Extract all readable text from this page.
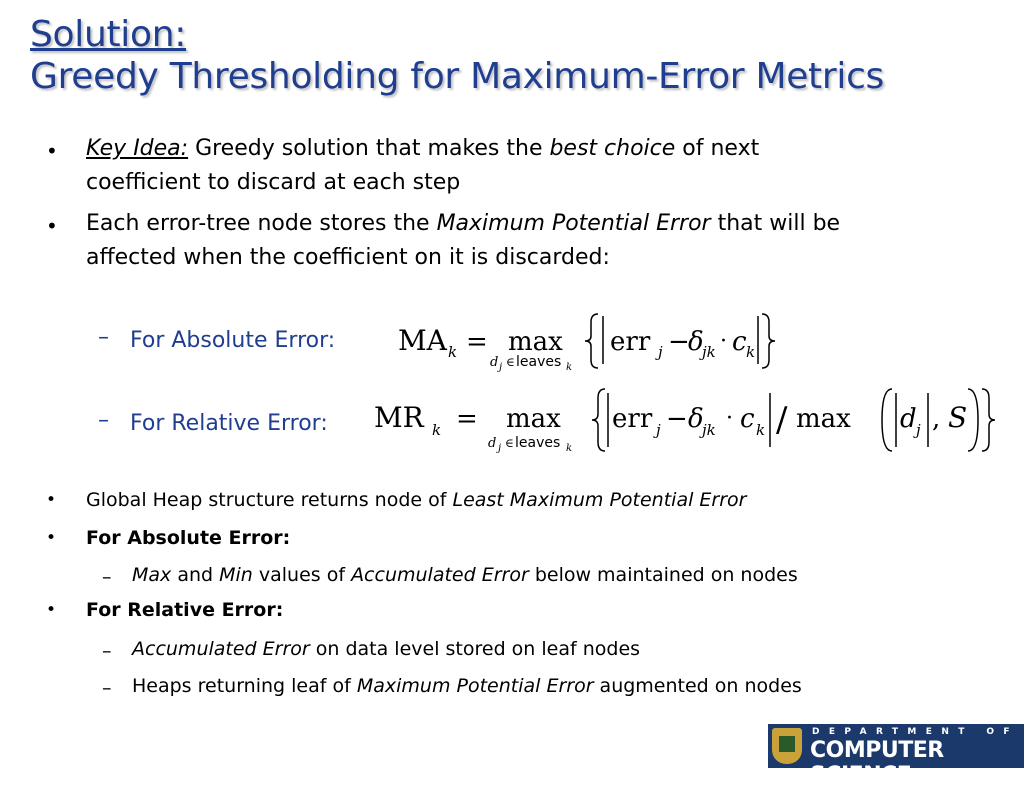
Solution:
Greedy Thresholding for Maximum-Error Metrics
• Key Idea: Greedy solution that makes the best choice of next
coefficient to discard at each step
• Each error-tree node stores the Maximum Potential Error that will be
affected when the coefficient on it is discarded:
– For Absolute Error: MA k = max
d j ∈ leaves k
err j −
δ
jk · c k
– For Relative Error: MR k = max
d j ∈ leaves k
err j − δ
jk · c k / max d j , S
• Global Heap structure returns node of Least Maximum Potential Error
• For Absolute Error:
– Max and Min values of Accumulated Error below maintained on nodes
• For Relative Error:
– Accumulated Error on data level stored on leaf nodes
– Heaps returning leaf of Maximum Potential Error augmented on nodes
DEPARTMENT OF
COMPUTER SCIENCE
